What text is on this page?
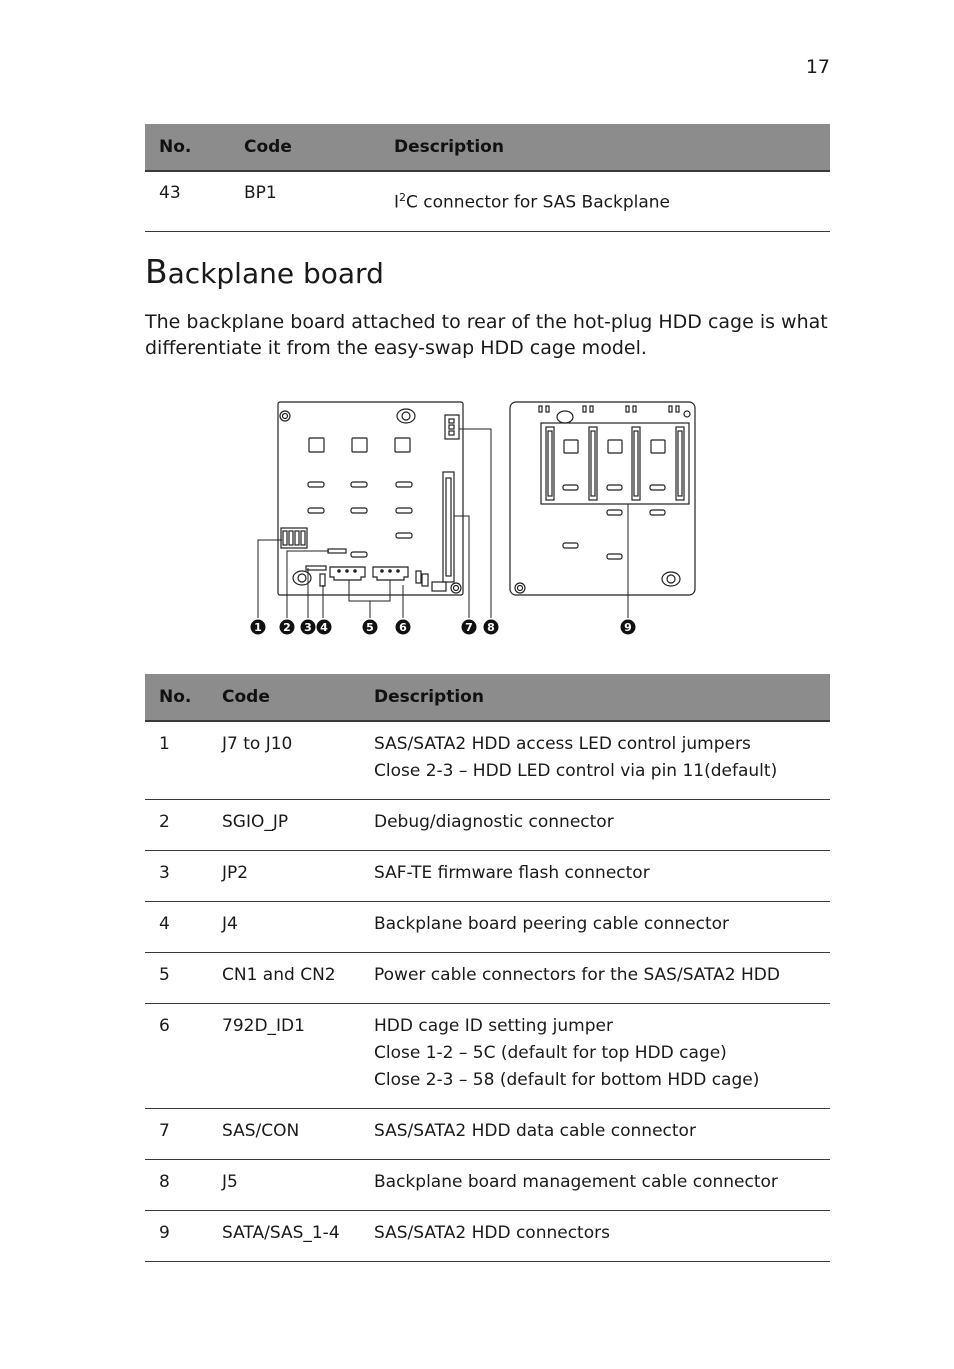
17
No.	Code	Description
43	BP1	$I^2C$ connector for SAS Backplane
Backplane board

The backplane board attached to rear of the hot-plug HDD cage is what differentiate it from the easy-swap HDD cage model.

1 2 3 4	5 6	7 8	9
No.	Code	Description
1	J7 to J10	SAS/SATA2 HDD access LED control jumpers
Close 2-3 – HDD LED control via pin 11(default)

2	SGIO_JP	Debug/diagnostic connector

3	JP2	SAF-TE firmware flash connector

4	J4	Backplane board peering cable connector

5	CN1 and CN2	Power cable connectors for the SAS/SATA2 HDD

6	792D_ID1	HDD cage ID setting jumper
Close 1-2 – 5C (default for top HDD cage)
Close 2-3 – 58 (default for bottom HDD cage)

7	SAS/CON	SAS/SATA2 HDD data cable connector

8	J5	Backplane board management cable connector

9	SATA/SAS_1-4	SAS/SATA2 HDD connectors
